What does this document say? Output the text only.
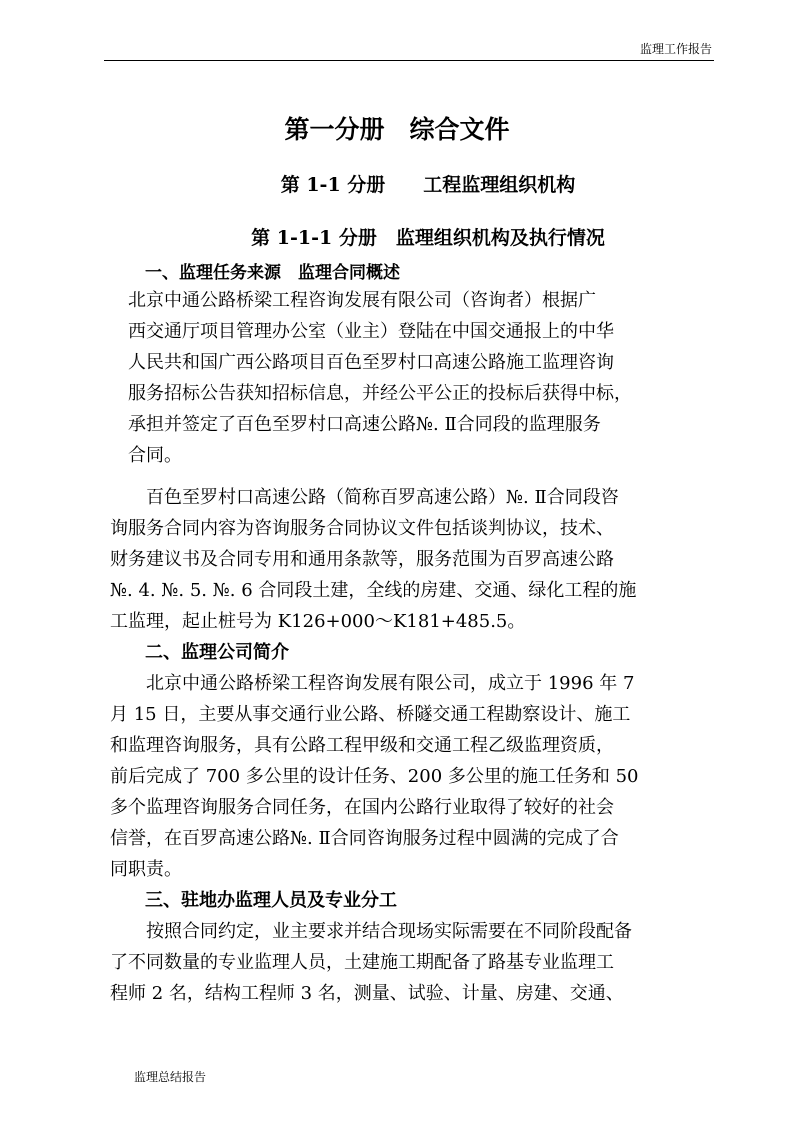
监理工作报告
第一分册　综合文件
第 1-1 分册　　工程监理组织机构
第 1-1-1 分册　监理组织机构及执行情况
一、监理任务来源　监理合同概述
　北京中通公路桥梁工程咨询发展有限公司（咨询者）根据广
　西交通厅项目管理办公室（业主）登陆在中国交通报上的中华
　人民共和国广西公路项目百色至罗村口高速公路施工监理咨询
　服务招标公告获知招标信息，并经公平公正的投标后获得中标，
　承担并签定了百色至罗村口高速公路№. Ⅱ合同段的监理服务
　合同。
　　百色至罗村口高速公路（简称百罗高速公路）№. Ⅱ合同段咨
询服务合同内容为咨询服务合同协议文件包括谈判协议，技术、
财务建议书及合同专用和通用条款等，服务范围为百罗高速公路
№. 4. №. 5. №. 6 合同段土建，全线的房建、交通、绿化工程的施
工监理，起止桩号为 K126+000～K181+485.5。
二、监理公司简介
　　北京中通公路桥梁工程咨询发展有限公司，成立于 1996 年 7
月 15 日，主要从事交通行业公路、桥隧交通工程勘察设计、施工
和监理咨询服务，具有公路工程甲级和交通工程乙级监理资质，
前后完成了 700 多公里的设计任务、200 多公里的施工任务和 50
多个监理咨询服务合同任务，在国内公路行业取得了较好的社会
信誉，在百罗高速公路№. Ⅱ合同咨询服务过程中圆满的完成了合
同职责。
三、驻地办监理人员及专业分工
　　按照合同约定，业主要求并结合现场实际需要在不同阶段配备
了不同数量的专业监理人员，土建施工期配备了路基专业监理工
程师 2 名，结构工程师 3 名，测量、试验、计量、房建、交通、
监理总结报告
